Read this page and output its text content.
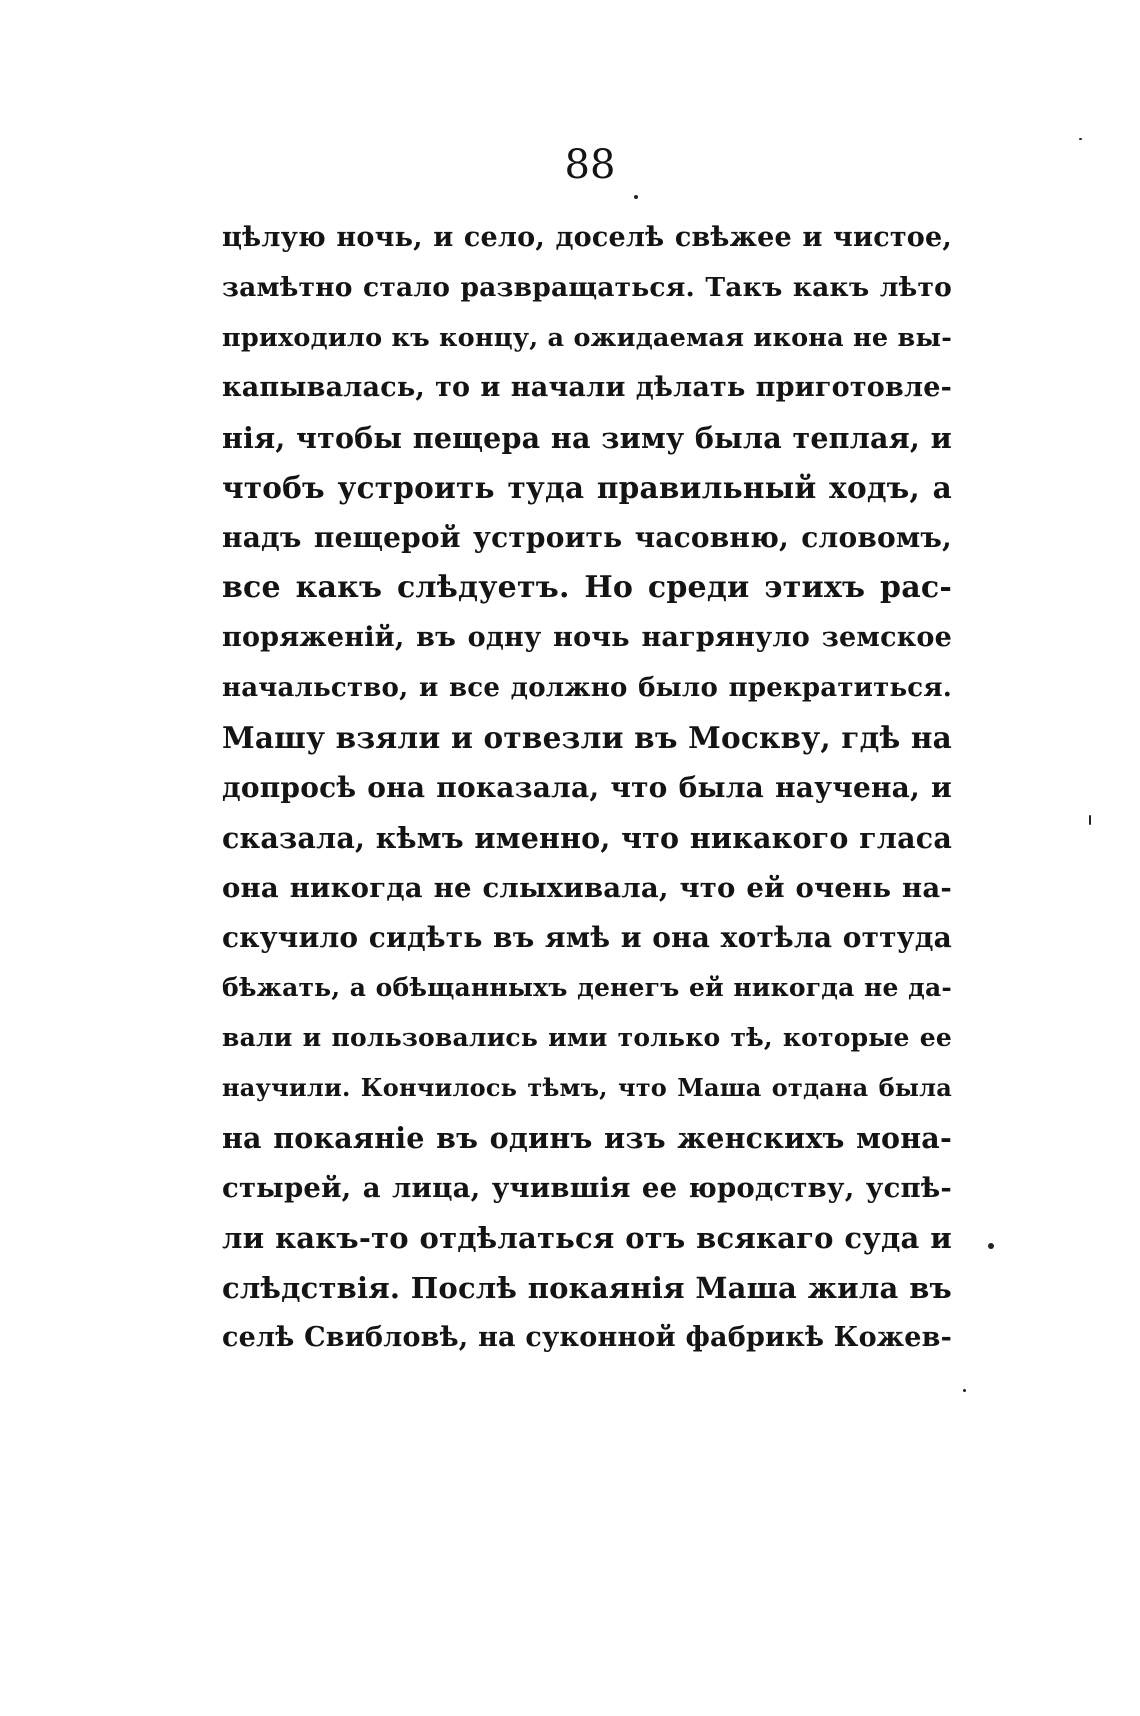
88
цѣлую ночь, и село, доселѣ свѣжее и чистое,
замѣтно стало развращаться. Такъ какъ лѣто
приходило къ концу, а ожидаемая икона не вы-
капывалась, то и начали дѣлать приготовле-
нія, чтобы пещера на зиму была теплая, и
чтобъ устроить туда правильный ходъ, а
надъ пещерой устроить часовню, словомъ,
все какъ слѣдуетъ. Но среди этихъ рас-
поряженій, въ одну ночь нагрянуло земское
начальство, и все должно было прекратиться.
Машу взяли и отвезли въ Москву, гдѣ на
допросѣ она показала, что была научена, и
сказала, кѣмъ именно, что никакого гласа
она никогда не слыхивала, что ей очень на-
скучило сидѣть въ ямѣ и она хотѣла оттуда
бѣжать, а обѣщанныхъ денегъ ей никогда не да-
вали и пользовались ими только тѣ, которые ее
научили. Кончилось тѣмъ, что Маша отдана была
на покаяніе въ одинъ изъ женскихъ мона-
стырей, а лица, учившія ее юродству, успѣ-
ли какъ-то отдѣлаться отъ всякаго суда и
слѣдствія. Послѣ покаянія Маша жила въ
селѣ Свибловѣ, на суконной фабрикѣ Кожев-
